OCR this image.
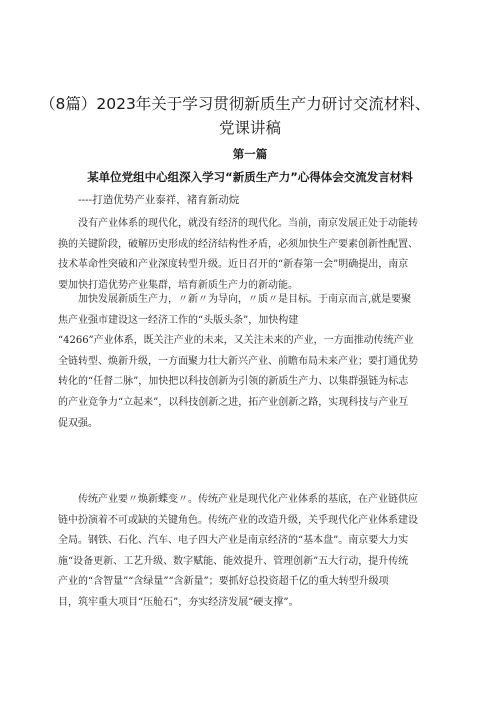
（8篇）2023年关于学习贯彻新质生产力研讨交流材料、
党课讲稿
第一篇
某单位党组中心组深入学习“新质生产力”心得体会交流发言材料

----打造优势产业泰祥，褚育新动烷

没有产业体系的现代化，就没有经济的现代化。当前，南京发展正处于动能转
换的关键阶段，破解历史形成的经济结构性矛盾，必须加快生产要素创新性配置、
技术革命性突破和产业深度转型升级。近日召开的“新春第一会”明确提出，南京
要加快打造优势产业集群，培育新质生产力的新动能。
加快发展新质生产力，〃新〃为导向，〃质〃是目标。于南京而言,就是要聚
焦产业强市建设这一经济工作的“头版头条”，加快构建
“4266”产业体系，既关注产业的未来，又关注未来的产业，一方面推动传统产业
全链转型、焕新升级，一方面聚力壮大新兴产业、前瞻布局未来产业；要打通优势
转化的“任督二脉”，加快把以科技创新为引领的新质生产力、以集群强链为标志
的产业竞争力“立起来”，以科技创新之进，拓产业创新之路，实现科技与产业互
促双强。
传统产业要〃焕新蝶变〃。传统产业是现代化产业体系的基底，在产业链供应
链中扮演着不可或缺的关键角色。传统产业的改造升级，关乎现代化产业体系建设
全局。钢铁、石化、汽车、电子四大产业是南京经济的“基本盘”。南京要大力实
施“设备更新、工艺升级、数字赋能、能效提升、管理创新”五大行动，提升传统
产业的“含智量”“含绿量”“含新量”；要抓好总投资超千亿的重大转型升级项
目，筑牢重大项目“压舱石”，夯实经济发展“硬支撑”。
